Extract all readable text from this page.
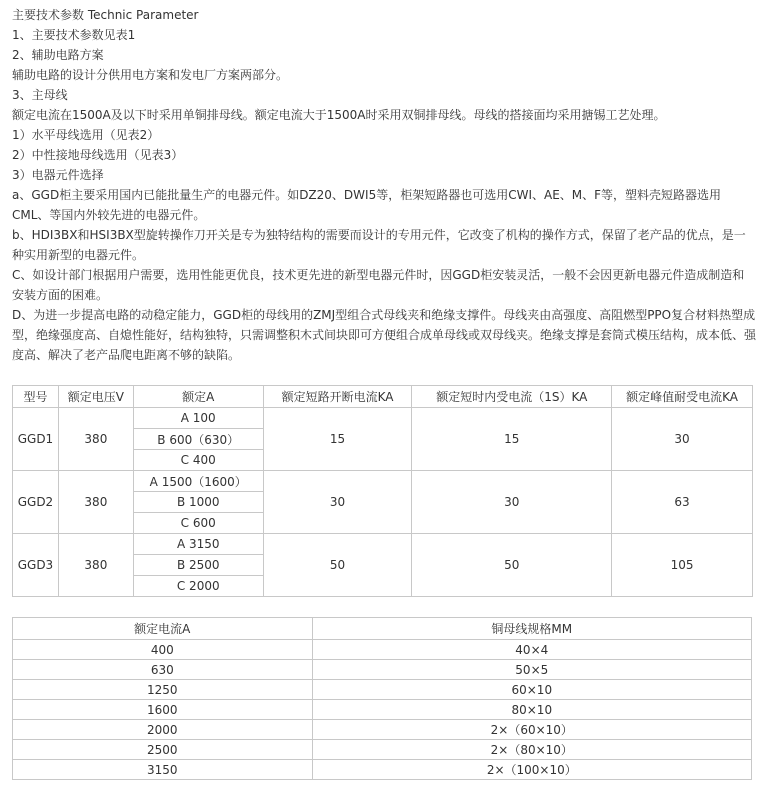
主要技术参数 Technic Parameter
1、主要技术参数见表1
2、辅助电路方案
辅助电路的设计分供用电方案和发电厂方案两部分。
3、主母线
额定电流在1500A及以下时采用单铜排母线。额定电流大于1500A时采用双铜排母线。母线的搭接面均采用搪锡工艺处理。
1）水平母线选用（见表2）
2）中性接地母线选用（见表3）
3）电器元件选择
a、GGD柜主要采用国内已能批量生产的电器元件。如DZ20、DWI5等，柜架短路器也可选用CWI、AE、M、F等，塑料壳短路器选用CML、等国内外较先进的电器元件。
b、HDI3BX和HSI3BX型旋转操作刀开关是专为独特结构的需要而设计的专用元件，它改变了机构的操作方式，保留了老产品的优点，是一种实用新型的电器元件。
C、如设计部门根据用户需要，选用性能更优良，技术更先进的新型电器元件时，因GGD柜安装灵活，一般不会因更新电器元件造成制造和安装方面的困难。
D、为进一步提高电路的动稳定能力，GGD柜的母线用的ZMJ型组合式母线夹和绝缘支撑件。母线夹由高强度、高阻燃型PPO复合材料热塑成型，绝缘强度高、自熄性能好，结构独特，只需调整积木式间块即可方便组合成单母线或双母线夹。绝缘支撑是套筒式模压结构，成本低、强度高、解决了老产品爬电距离不够的缺陷。
型号	额定电压V	额定A	额定短路开断电流KA	额定短时内受电流（1S）KA	额定峰值耐受电流KA
GGD1	380	A 100	15	15	30
		B 600（630）			
		C 400			
GGD2	380	A 1500（1600）	30	30	63
		B 1000			
		C 600			
GGD3	380	A 3150	50	50	105
		B 2500			
		C 2000			
额定电流A	铜母线规格MM
400	40×4
630	50×5
1250	60×10
1600	80×10
2000	2×（60×10）
2500	2×（80×10）
3150	2×（100×10）
